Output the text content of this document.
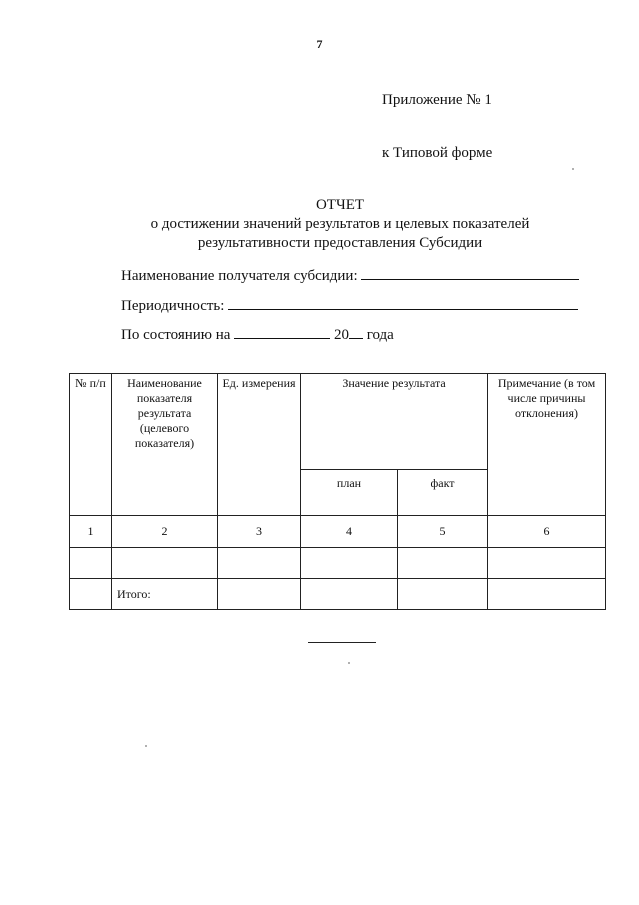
7
Приложение № 1
к Типовой форме
ОТЧЕТ
о достижении значений результатов и целевых показателей
результативности предоставления Субсидии
Наименование получателя субсидии:
Периодичность:
По состоянию на	20 года
№ п/п	Наименование показателя результата (целевого показателя)	Ед. измерения	Значение результата		Примечание (в том числе причины отклонения)
			план	факт	
1	2	3	4	5	6

	Итого:				
